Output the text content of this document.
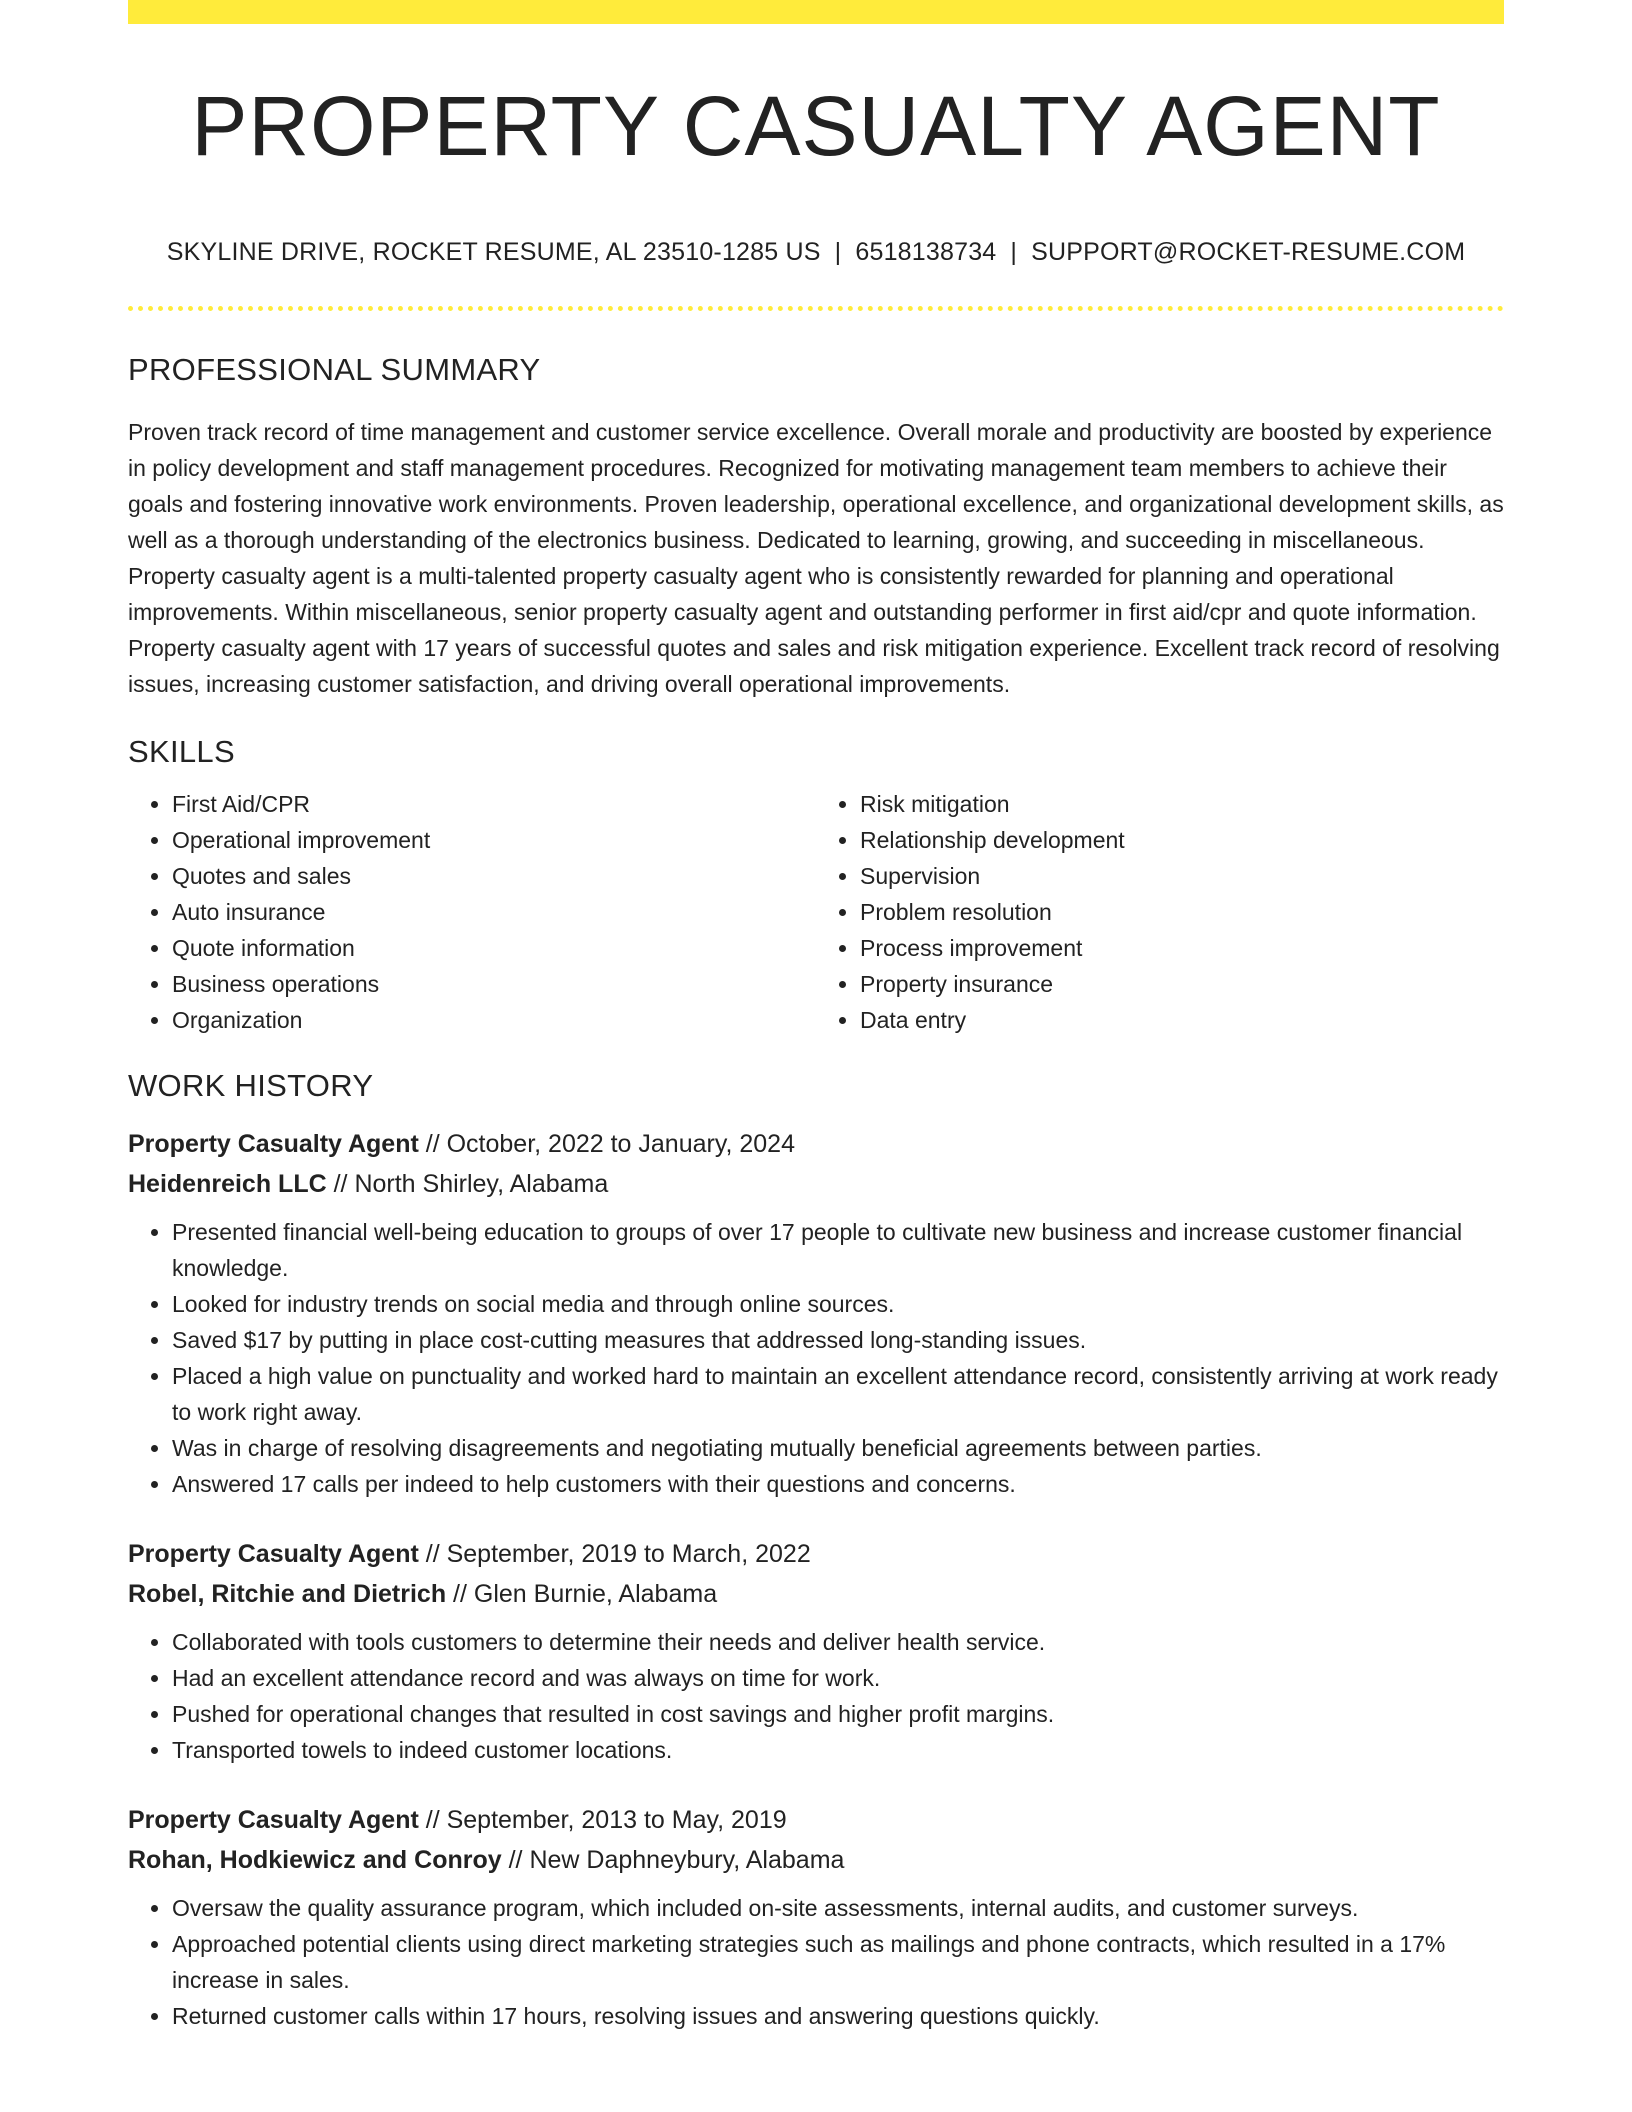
PROPERTY CASUALTY AGENT
SKYLINE DRIVE, ROCKET RESUME, AL 23510-1285 US | 6518138734 | SUPPORT@ROCKET-RESUME.COM
PROFESSIONAL SUMMARY

Proven track record of time management and customer service excellence. Overall morale and productivity are boosted by experience in policy development and staff management procedures. Recognized for motivating management team members to achieve their goals and fostering innovative work environments. Proven leadership, operational excellence, and organizational development skills, as well as a thorough understanding of the electronics business. Dedicated to learning, growing, and succeeding in miscellaneous. Property casualty agent is a multi-talented property casualty agent who is consistently rewarded for planning and operational improvements. Within miscellaneous, senior property casualty agent and outstanding performer in first aid/cpr and quote information. Property casualty agent with 17 years of successful quotes and sales and risk mitigation experience. Excellent track record of resolving issues, increasing customer satisfaction, and driving overall operational improvements.

SKILLS
• First Aid/CPR
• Operational improvement
• Quotes and sales
• Auto insurance
• Quote information
• Business operations
• Organization
• Risk mitigation
• Relationship development
• Supervision
• Problem resolution
• Process improvement
• Property insurance
• Data entry
WORK HISTORY
Property Casualty Agent // October, 2022 to January, 2024
Heidenreich LLC // North Shirley, Alabama
• Presented financial well-being education to groups of over 17 people to cultivate new business and increase customer financial knowledge.
• Looked for industry trends on social media and through online sources.
• Saved $17 by putting in place cost-cutting measures that addressed long-standing issues.
• Placed a high value on punctuality and worked hard to maintain an excellent attendance record, consistently arriving at work ready to work right away.
• Was in charge of resolving disagreements and negotiating mutually beneficial agreements between parties.
• Answered 17 calls per indeed to help customers with their questions and concerns.
Property Casualty Agent // September, 2019 to March, 2022
Robel, Ritchie and Dietrich // Glen Burnie, Alabama
• Collaborated with tools customers to determine their needs and deliver health service.
• Had an excellent attendance record and was always on time for work.
• Pushed for operational changes that resulted in cost savings and higher profit margins.
• Transported towels to indeed customer locations.
Property Casualty Agent // September, 2013 to May, 2019
Rohan, Hodkiewicz and Conroy // New Daphneybury, Alabama
• Oversaw the quality assurance program, which included on-site assessments, internal audits, and customer surveys.
• Approached potential clients using direct marketing strategies such as mailings and phone contracts, which resulted in a 17% increase in sales.
• Returned customer calls within 17 hours, resolving issues and answering questions quickly.
